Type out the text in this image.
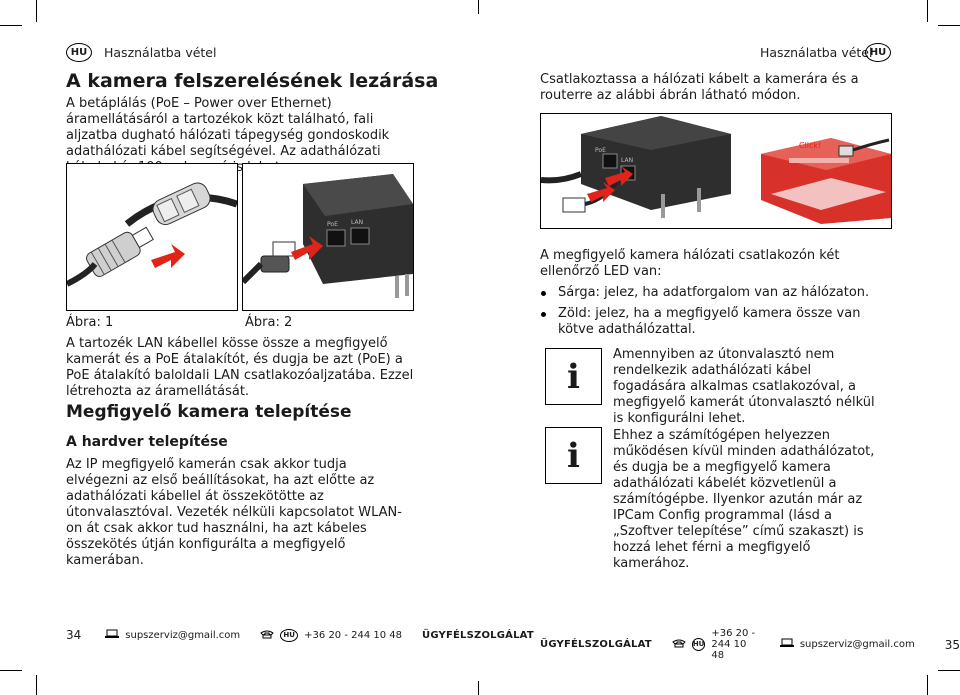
HU	Használatba vétel
A kamera felszerelésének lezárása

A betáplálás (PoE – Power over Ethernet) áramellátásáról a tartozékok közt található, fali aljzatba dugható hálózati tápegység gondoskodik adathálózati kábel segítségével. Az adathálózati

PoE LAN
Ábra: 1	Ábra: 2

A tartozék LAN kábellel kösse össze a megfigyelő kamerát és a PoE átalakítót, és dugja be azt (PoE) a PoE átalakító baloldali LAN csatlakozóaljzatába. Ezzel létrehozta az áramellátását.

Megfigyelő kamera telepítése
A hardver telepítése

Az IP megfigyelő kamerán csak akkor tudja elvégezni az első beállításokat, ha azt előtte az adathálózati kábellel át összekötötte az útonvalasztóval. Vezeték nélküli kapcsolatot WLAN-on át csak akkor tud használni, ha azt kábeles összekötés útján konfigurálta a megfigyelő kamerában.

34	supszerviz@gmail.com	HU +36 20 - 244 10 48 ÜGYFÉLSZOLGÁLAT
Használatba vétel
HU

Csatlakoztassa a hálózati kábelt a kamerára és a routerre az alábbi ábrán látható módon.

PoE
LAN
Click!

A megfigyelő kamera hálózati csatlakozón két ellenőrző LED van:

Sárga: jelez, ha adatforgalom van az hálózaton.
Zöld: jelez, ha a megfigyelő kamera össze van kötve adathálózattal.
i

Amennyiben az útonvalasztó nem rendelkezik adathálózati kábel fogadására alkalmas csatlakozóval, a megfigyelő kamerát útonvalasztó nélkül is konfigurálni lehet.

i	Ehhez a számítógépen helyezzen működésen kívül minden adathálózatot, és dugja be a megfigyelő kamera adathálózati kábelét közvetlenül a számítógépbe. Ilyenkor azután már az IPCam Config programmal (lásd a „Szoftver telepítése” című szakaszt) is hozzá lehet férni a megfigyelő kamerához.

ÜGYFÉLSZOLGÁLAT	HU
+36 20 - 244 10 48
supszerviz@gmail.com	35
